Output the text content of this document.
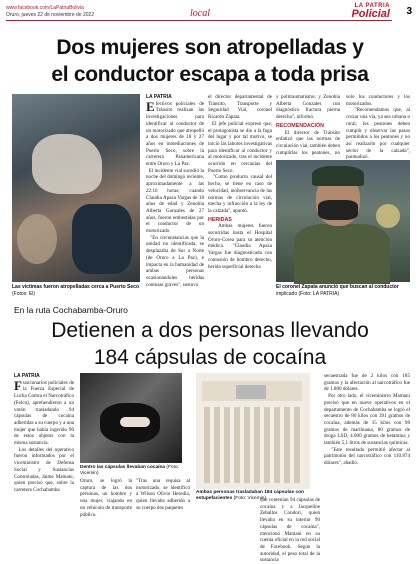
www.facebook.com/LaPatriaBolivia
Oruro, jueves 22 de noviembre de 2022	local
LA PATRIA
Policial 3
Dos mujeres son atropelladas y
el conductor escapa a toda prisa
Las víctimas fueron atropelladas cerca a Puerto Seco
(Fotos: El)
LA PATRIA
E fectivos policiales de Tránsito realizan las investigaciones para identificar al conductor de un motorizado que atropelló a dos mujeres de 18 y 27 años en inmediaciones de Puerto Seco, sobre la carretera Panamericana entre Oruro y La Paz.
El incidente vial sucedió la noche del domingo reciente, aproximadamente a las 22:10 horas; cuando Claudia Apaza Vargas de 18 años de edad y Zenobia Alberta Gonzales de 27 años, fueron embestidas por el conductor de un motorizado.
"En circunstancias que la unidad no identificada, se desplazaba de Sur a Norte (de Oruro a La Paz), e impacta en la humanidad de ambas personas ocasionándoles heridas contusas graves", sostuvo
el director departamental de Tránsito, Transporte y Seguridad Vial, coronel Ricardo Zapata.
El jefe policial expresó que, el protagonista se dio a la fuga del lugar y por tal motivo, se inició las labores investigativas para identificar al conductor y al motorizado, tras el incidente ocurrido en cercanías del Puerto Seco.
"Como producto causal del hecho, se tiene en caso de velocidad, inobservancia de las normas de circulación vial, mecha y infracción a la ley de la calzada", apuntó.
HERIDAS
Ambas mujeres fueron socorridas hasta el Hospital Oruro-Corea para su atención médica. "Claudia Apaza Vargas fue diagnosticada con contusión de hombro derecho, herida superficial derecha
y politraumatismo; y Zenobia Alberta Gonzales con diagnóstico fractura pierna derecha", informó.
RECOMENDACIÓN
El director de Tránsito enfatizó que las normas de circulación vial, también deben cumplirlas los peatones, no solo los conductores y los motorizados.
"Recomendamos que, al cruzar una vía, ya sea urbana o rural, los peatones deben cumplir y observar las pasos permitidos a los peatones y no así realizarlo por cualquier sector de la calzada", puntualizó.
El coronel Zapata anunció que buscan al conductor implicado (Foto: LA PATRIA)
En la ruta Cochabamba-Oruro
Detienen a dos personas llevando
184 cápsulas de cocaína
LA PATRIA
F uncionarios policiales de la Fuerza Especial de Lucha Contra el Narcotráfico (Felcn), aprehendieron a un varón trasladando 94 cápsulas de cocaína adheridas a su cuerpo y a una mujer que había ingerido 90 de estos objetos con la misma sustancia.
Los detalles del operativo fueron informados por el viceministro de Defensa Social y Sustancias Controladas, Jaime Mamani, quien precisó que, sobre la carretera Cochabamba
Dentro las cápsulas llevaban cocaína (Foto: Vicemin)
Oruro, se logró la captura de las dos personas, un hombre y una mujer, viajando en un vehículo de transporte público.
"Tras una requisa al motorizado, se identificó a Wilson Olivio Heredia, quien llevaba adherido a su cuerpo dos paquetes
Ambas personas trasladaban 184 cápsulas con estupefacientes (Foto: Vicemin)
que contenían 94 cápsulas de cocaína y a Jacqueline Zeballos Condori, quien llevaba en su interior 90 cápsulas de cocaína", mencionó Mamani en su cuenta oficial en la red social de Facebook. Según la autoridad, el peso total de la sustancia
secuestrada fue de 2 kilos con 185 gramos y la afectación al narcotráfico fue de 1.800 dólares.
Por otro lado, el viceministro Mamani precisó que en nueve operativos en el departamento de Cochabamba se logró el secuestro de 80 kilos con 391 gramos de cocaína, además de 15 kilos con 98 gramos de marihuana, 80 gramos de droga LSD, 4.800 gramos de ketamina y también 5,1 litros de sustancias químicas.
"Este resultado permitió afectar al patrimonio del narcotráfico con 110.874 dólares", añadió.
